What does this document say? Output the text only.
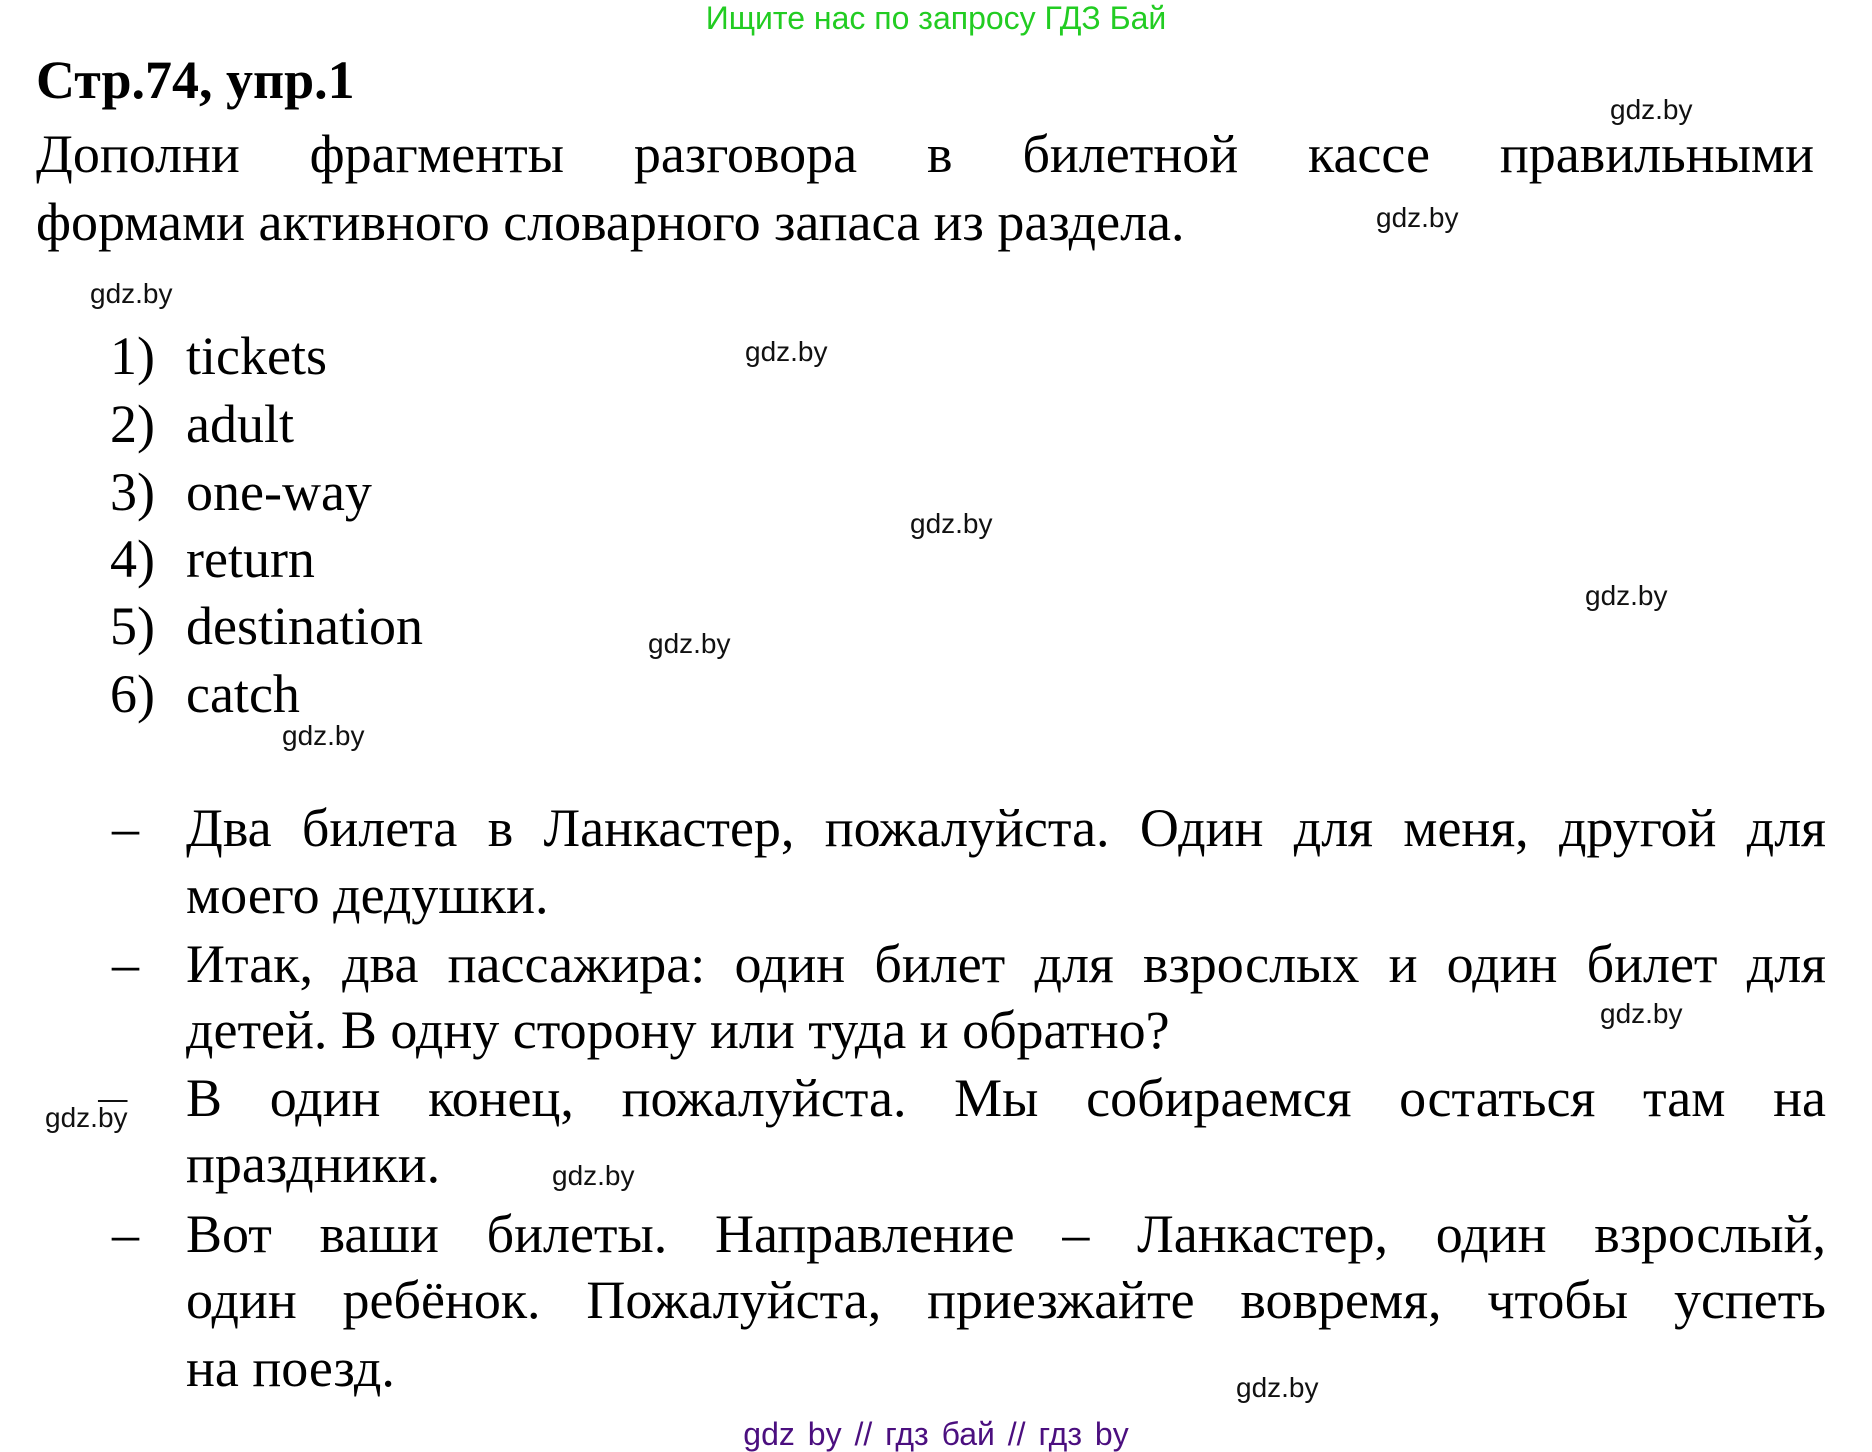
Ищите нас по запросу ГДЗ Бай
Стр.74, упр.1
Дополни фрагменты разговора в билетной кассе правильными
формами активного словарного запаса из раздела.
1) tickets
2) adult
3) one-way
4) return
5) destination
6) catch
– Два билета в Ланкастер, пожалуйста. Один для меня, другой для
моего дедушки.
– Итак, два пассажира: один билет для взрослых и один билет для
детей. В одну сторону или туда и обратно?
В один конец, пожалуйста. Мы собираемся остаться там на
праздники.
– Вот ваши билеты. Направление – Ланкастер, один взрослый,
один ребёнок. Пожалуйста, приезжайте вовремя, чтобы успеть
на поезд.
gdz.by
gdz.by
gdz.by
gdz.by
gdz.by
gdz.by
gdz.by
gdz.by
gdz.by
$gdz.\overline{by}$
gdz.by
gdz.by
gdz by // гдз бай // гдз by
